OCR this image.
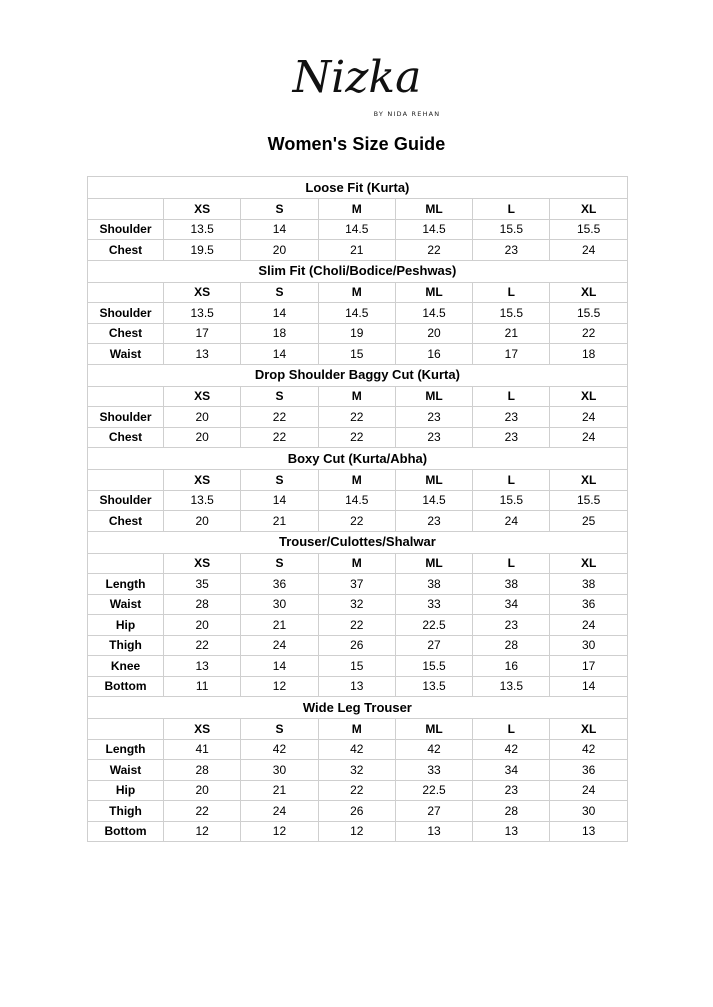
Nizka
BY NIDA REHAN
Women's Size Guide
Loose Fit (Kurta)						
	XS	S	M	ML	L	XL
Shoulder	13.5	14	14.5	14.5	15.5	15.5
Chest	19.5	20	21	22	23	24
Slim Fit (Choli/Bodice/Peshwas)						
	XS	S	M	ML	L	XL
Shoulder	13.5	14	14.5	14.5	15.5	15.5
Chest	17	18	19	20	21	22
Waist	13	14	15	16	17	18
Drop Shoulder Baggy Cut (Kurta)						
	XS	S	M	ML	L	XL
Shoulder	20	22	22	23	23	24
Chest	20	22	22	23	23	24
Boxy Cut (Kurta/Abha)						
	XS	S	M	ML	L	XL
Shoulder	13.5	14	14.5	14.5	15.5	15.5
Chest	20	21	22	23	24	25
Trouser/Culottes/Shalwar						
	XS	S	M	ML	L	XL
Length	35	36	37	38	38	38
Waist	28	30	32	33	34	36
Hip	20	21	22	22.5	23	24
Thigh	22	24	26	27	28	30
Knee	13	14	15	15.5	16	17
Bottom	11	12	13	13.5	13.5	14
Wide Leg Trouser						
	XS	S	M	ML	L	XL
Length	41	42	42	42	42	42
Waist	28	30	32	33	34	36
Hip	20	21	22	22.5	23	24
Thigh	22	24	26	27	28	30
Bottom	12	12	12	13	13	13
